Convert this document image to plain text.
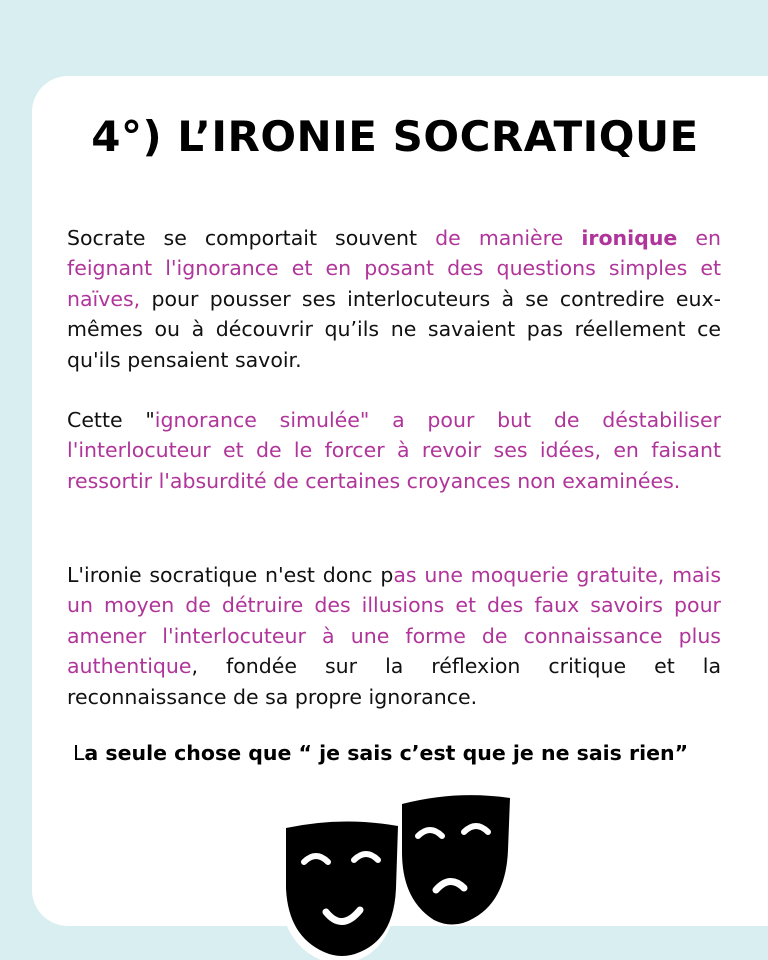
4°) L’IRONIE SOCRATIQUE

Socrate se comportait souvent de manière ironique en feignant l'ignorance et en posant des questions simples et naïves, pour pousser ses interlocuteurs à se contredire eux-mêmes ou à découvrir qu’ils ne savaient pas réellement ce qu'ils pensaient savoir.

Cette "ignorance simulée" a pour but de déstabiliser l'interlocuteur et de le forcer à revoir ses idées, en faisant ressortir l'absurdité de certaines croyances non examinées.

L'ironie socratique n'est donc pas une moquerie gratuite, mais un moyen de détruire des illusions et des faux savoirs pour amener l'interlocuteur à une forme de connaissance plus authentique, fondée sur la réflexion critique et la reconnaissance de sa propre ignorance.

La seule chose que “ je sais c’est que je ne sais rien”
